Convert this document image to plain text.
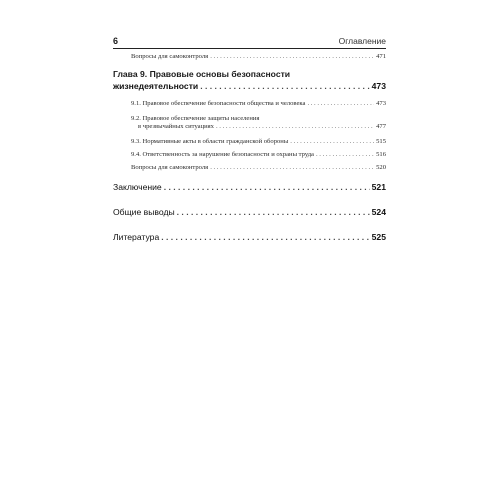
6	Оглавление
Вопросы для самоконтроля . . .	471
Глава 9. Правовые основы безопасности
жизнедеятельности . . .	473
9.1. Правовое обеспечение безопасности общества и человека . . .	473
9.2. Правовое обеспечение защиты населения
в чрезвычайных ситуациях . . .	477
9.3. Нормативные акты в области гражданской обороны . . .	515
9.4. Ответственность за нарушение безопасности и охраны труда . . .	516
Вопросы для самоконтроля . . .	520
Заключение . . .	521
Общие выводы . . .	524
Литература . . .	525
